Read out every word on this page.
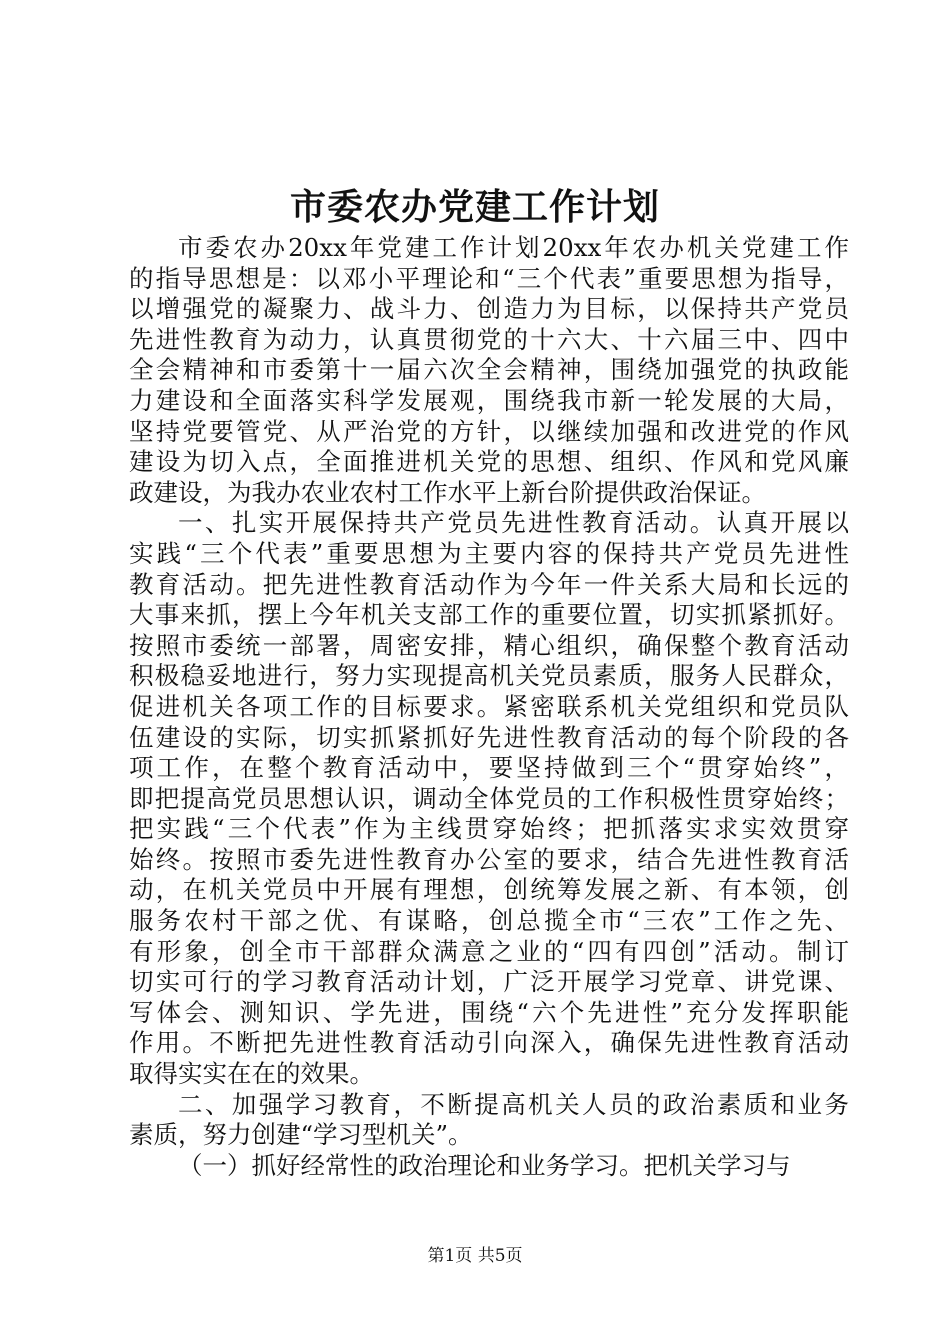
市委农办党建工作计划
市委农办20xx年党建工作计划20xx年农办机关党建工作
的指导思想是：以邓小平理论和“三个代表”重要思想为指导，
以增强党的凝聚力、战斗力、创造力为目标，以保持共产党员
先进性教育为动力，认真贯彻党的十六大、十六届三中、四中
全会精神和市委第十一届六次全会精神，围绕加强党的执政能
力建设和全面落实科学发展观，围绕我市新一轮发展的大局，
坚持党要管党、从严治党的方针，以继续加强和改进党的作风
建设为切入点，全面推进机关党的思想、组织、作风和党风廉
政建设，为我办农业农村工作水平上新台阶提供政治保证。
一、扎实开展保持共产党员先进性教育活动。认真开展以
实践“三个代表”重要思想为主要内容的保持共产党员先进性
教育活动。把先进性教育活动作为今年一件关系大局和长远的
大事来抓，摆上今年机关支部工作的重要位置，切实抓紧抓好。
按照市委统一部署，周密安排，精心组织，确保整个教育活动
积极稳妥地进行，努力实现提高机关党员素质，服务人民群众，
促进机关各项工作的目标要求。紧密联系机关党组织和党员队
伍建设的实际，切实抓紧抓好先进性教育活动的每个阶段的各
项工作，在整个教育活动中，要坚持做到三个“贯穿始终”，
即把提高党员思想认识，调动全体党员的工作积极性贯穿始终；
把实践“三个代表”作为主线贯穿始终；把抓落实求实效贯穿
始终。按照市委先进性教育办公室的要求，结合先进性教育活
动，在机关党员中开展有理想，创统筹发展之新、有本领，创
服务农村干部之优、有谋略，创总揽全市“三农”工作之先、
有形象，创全市干部群众满意之业的“四有四创”活动。制订
切实可行的学习教育活动计划，广泛开展学习党章、讲党课、
写体会、测知识、学先进，围绕“六个先进性”充分发挥职能
作用。不断把先进性教育活动引向深入，确保先进性教育活动
取得实实在在的效果。
二、加强学习教育，不断提高机关人员的政治素质和业务
素质，努力创建“学习型机关”。
（一）抓好经常性的政治理论和业务学习。把机关学习与
第1页 共5页
